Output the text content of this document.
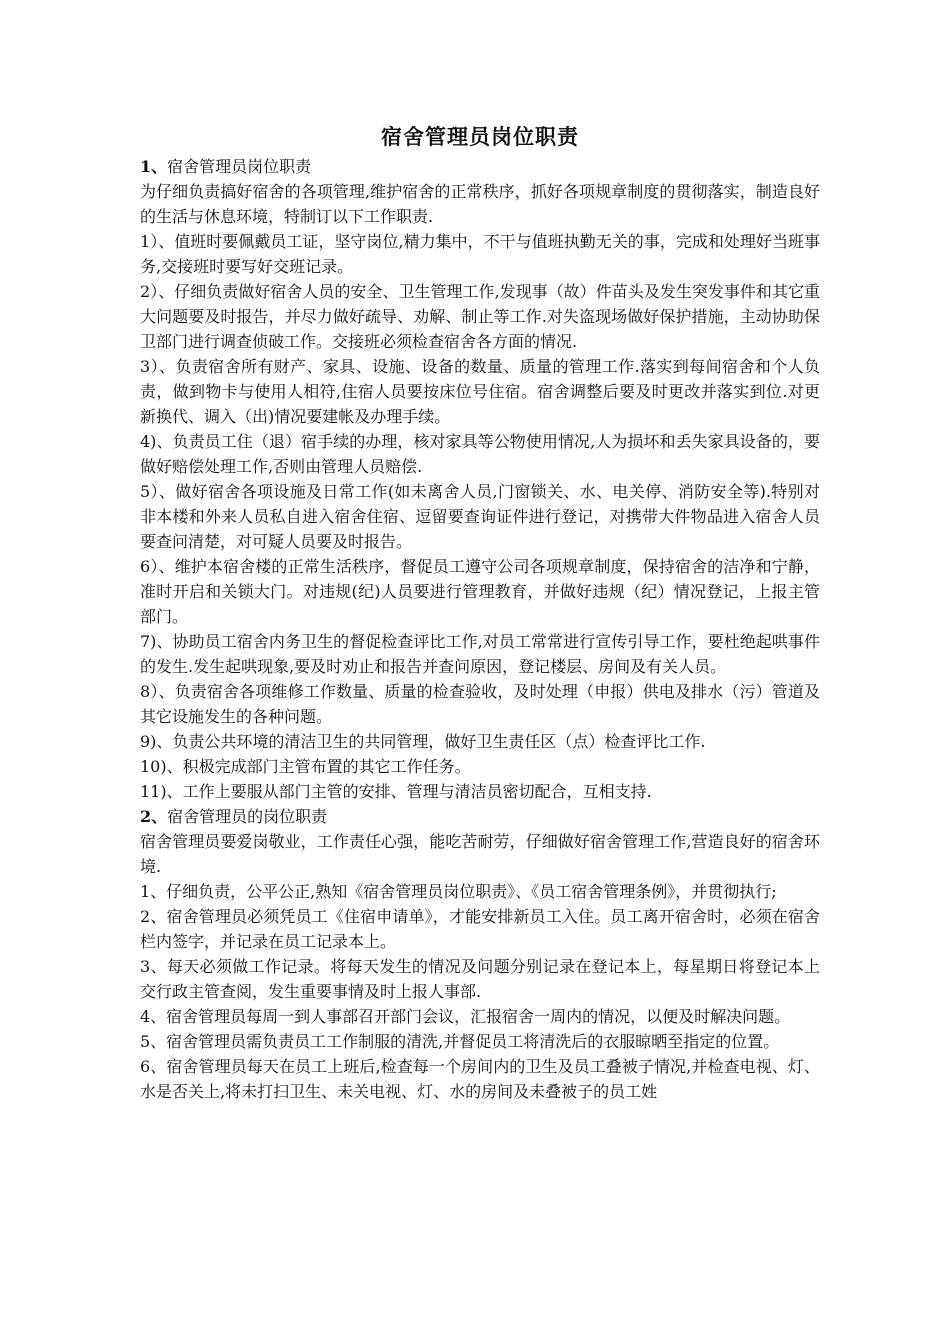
宿舍管理员岗位职责

1、宿舍管理员岗位职责

为仔细负责搞好宿舍的各项管理,维护宿舍的正常秩序，抓好各项规章制度的贯彻落实，制造良好的生活与休息环境，特制订以下工作职责.

1）、值班时要佩戴员工证，坚守岗位,精力集中，不干与值班执勤无关的事，完成和处理好当班事务,交接班时要写好交班记录。

2）、仔细负责做好宿舍人员的安全、卫生管理工作,发现事（故）件苗头及发生突发事件和其它重大问题要及时报告，并尽力做好疏导、劝解、制止等工作.对失盗现场做好保护措施，主动协助保卫部门进行调查侦破工作。交接班必须检查宿舍各方面的情况.

3）、负责宿舍所有财产、家具、设施、设备的数量、质量的管理工作.落实到每间宿舍和个人负责，做到物卡与使用人相符,住宿人员要按床位号住宿。宿舍调整后要及时更改并落实到位.对更新换代、调入（出)情况要建帐及办理手续。

4)、负责员工住（退）宿手续的办理，核对家具等公物使用情况,人为损坏和丢失家具设备的，要做好赔偿处理工作,否则由管理人员赔偿.

5）、做好宿舍各项设施及日常工作(如未离舍人员,门窗锁关、水、电关停、消防安全等).特别对非本楼和外来人员私自进入宿舍住宿、逗留要查询证件进行登记，对携带大件物品进入宿舍人员要查问清楚，对可疑人员要及时报告。

6）、维护本宿舍楼的正常生活秩序，督促员工遵守公司各项规章制度，保持宿舍的洁净和宁静，准时开启和关锁大门。对违规(纪)人员要进行管理教育，并做好违规（纪）情况登记，上报主管部门。

7)、协助员工宿舍内务卫生的督促检查评比工作,对员工常常进行宣传引导工作，要杜绝起哄事件的发生.发生起哄现象,要及时劝止和报告并查问原因，登记楼层、房间及有关人员。

8）、负责宿舍各项维修工作数量、质量的检查验收，及时处理（申报）供电及排水（污）管道及其它设施发生的各种问题。

9)、负责公共环境的清洁卫生的共同管理，做好卫生责任区（点）检查评比工作.

10)、积极完成部门主管布置的其它工作任务。

11)、工作上要服从部门主管的安排、管理与清洁员密切配合，互相支持.

2、宿舍管理员的岗位职责

宿舍管理员要爱岗敬业，工作责任心强，能吃苦耐劳，仔细做好宿舍管理工作,营造良好的宿舍环境.

1、仔细负责，公平公正,熟知《宿舍管理员岗位职责》、《员工宿舍管理条例》，并贯彻执行;

2、宿舍管理员必须凭员工《住宿申请单》，才能安排新员工入住。员工离开宿舍时，必须在宿舍栏内签字，并记录在员工记录本上。

3、每天必须做工作记录。将每天发生的情况及问题分别记录在登记本上，每星期日将登记本上交行政主管查阅，发生重要事情及时上报人事部.

4、宿舍管理员每周一到人事部召开部门会议，汇报宿舍一周内的情况，以便及时解决问题。

5、宿舍管理员需负责员工工作制服的清洗,并督促员工将清洗后的衣服晾晒至指定的位置。

6、宿舍管理员每天在员工上班后,检查每一个房间内的卫生及员工叠被子情况,并检查电视、灯、水是否关上,将未打扫卫生、未关电视、灯、水的房间及未叠被子的员工姓
